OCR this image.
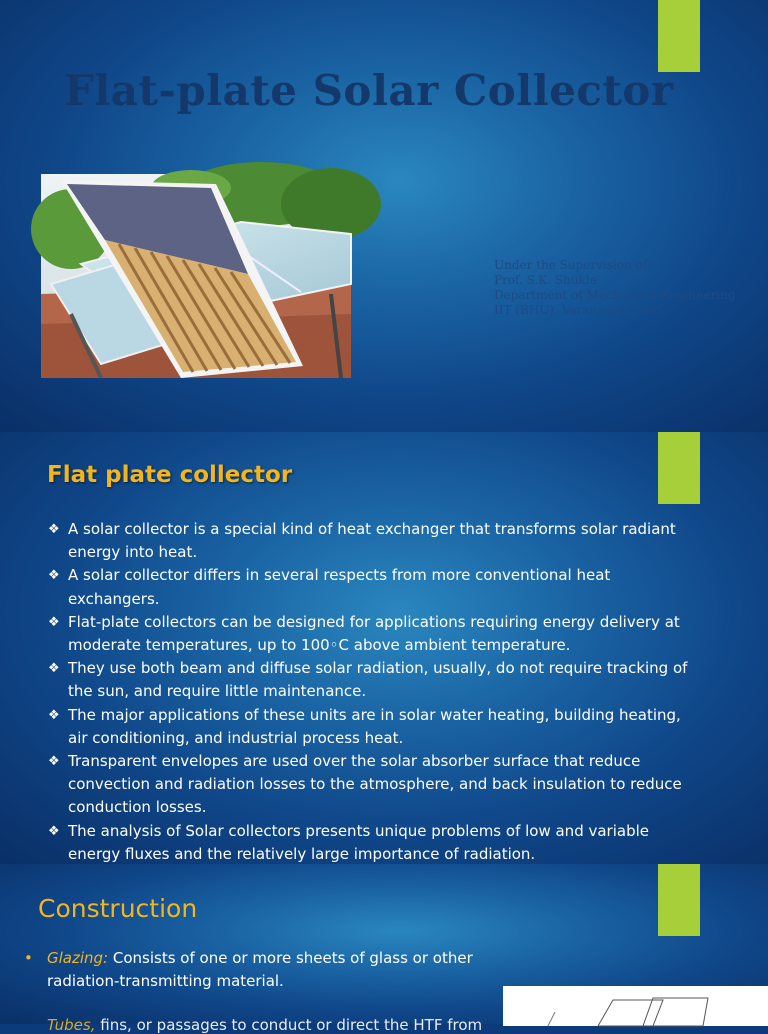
Flat-plate Solar Collector
Under the Supervision of:
Prof. S.K. Shukla
Department of Mechanical Engineering
IIT (BHU), Varanasi-221005
Flat plate collector
❖ A solar collector is a special kind of heat exchanger that transforms solar radiant energy into heat.
❖ A solar collector differs in several respects from more conventional heat exchangers.
❖ Flat-plate collectors can be designed for applications requiring energy delivery at moderate temperatures, up to 100◦C above ambient temperature.
❖ They use both beam and diffuse solar radiation, usually, do not require tracking of the sun, and require little maintenance.
❖ The major applications of these units are in solar water heating, building heating, air conditioning, and industrial process heat.
❖ Transparent envelopes are used over the solar absorber surface that reduce convection and radiation losses to the atmosphere, and back insulation to reduce conduction losses.
❖ The analysis of Solar collectors presents unique problems of low and variable energy fluxes and the relatively large importance of radiation.
Construction
• Glazing: Consists of one or more sheets of glass or other radiation-transmitting material.
Tubes, fins, or passages to conduct or direct the HTF from
